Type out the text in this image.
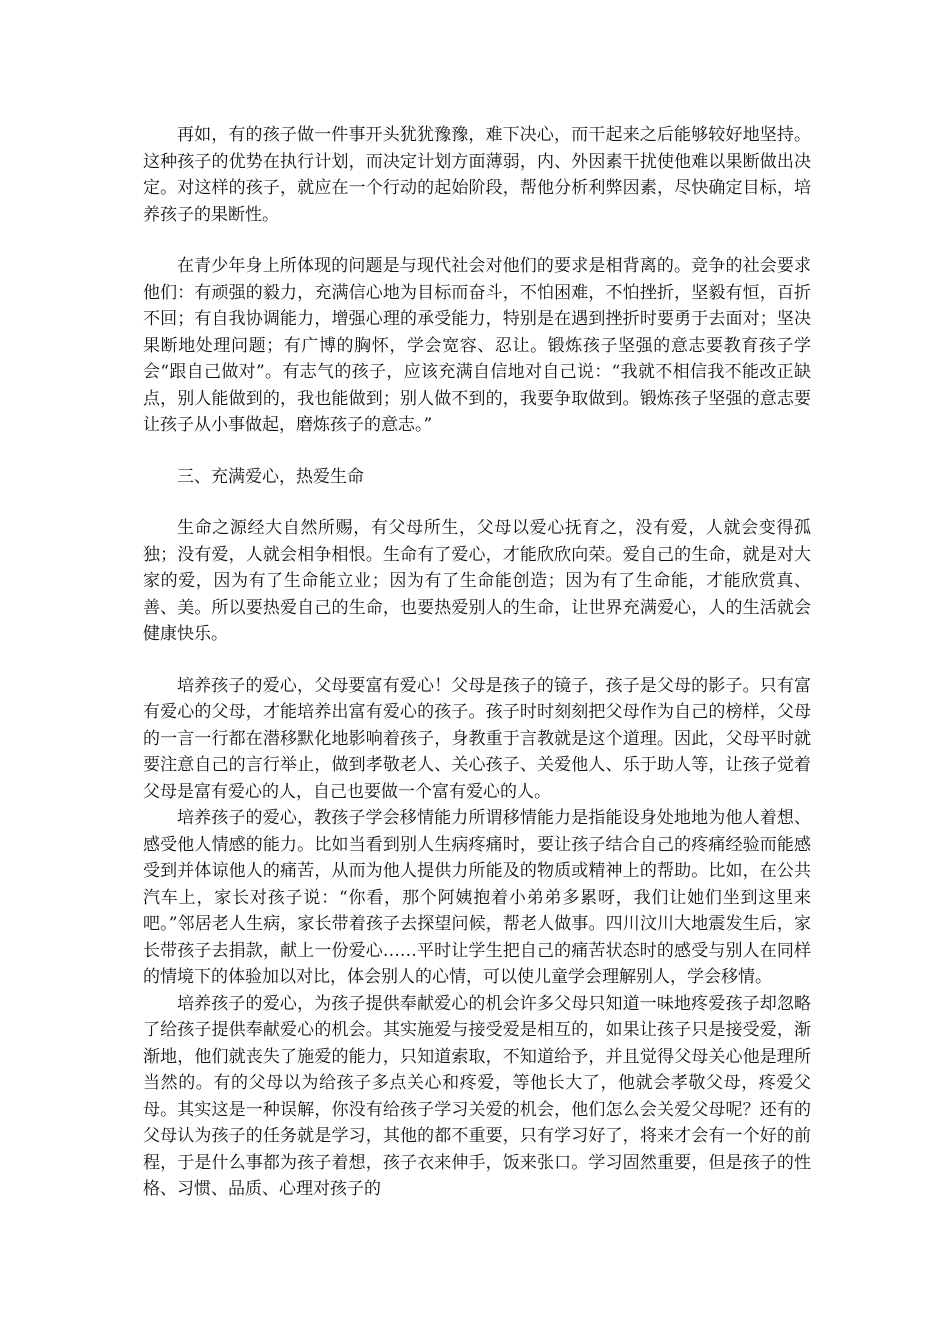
再如，有的孩子做一件事开头犹犹豫豫，难下决心，而干起来之后能够较好地坚持。这种孩子的优势在执行计划，而决定计划方面薄弱，内、外因素干扰使他难以果断做出决定。对这样的孩子，就应在一个行动的起始阶段，帮他分析利弊因素，尽快确定目标，培养孩子的果断性。

在青少年身上所体现的问题是与现代社会对他们的要求是相背离的。竞争的社会要求他们：有顽强的毅力，充满信心地为目标而奋斗，不怕困难，不怕挫折，坚毅有恒，百折不回；有自我协调能力，增强心理的承受能力，特别是在遇到挫折时要勇于去面对；坚决果断地处理问题；有广博的胸怀，学会宽容、忍让。锻炼孩子坚强的意志要教育孩子学会“跟自己做对”。有志气的孩子，应该充满自信地对自己说：“我就不相信我不能改正缺点，别人能做到的，我也能做到；别人做不到的，我要争取做到。锻炼孩子坚强的意志要让孩子从小事做起，磨炼孩子的意志。”

三、充满爱心，热爱生命

生命之源经大自然所赐，有父母所生，父母以爱心抚育之，没有爱，人就会变得孤独；没有爱，人就会相争相恨。生命有了爱心，才能欣欣向荣。爱自己的生命，就是对大家的爱，因为有了生命能立业；因为有了生命能创造；因为有了生命能，才能欣赏真、善、美。所以要热爱自己的生命，也要热爱别人的生命，让世界充满爱心，人的生活就会健康快乐。

培养孩子的爱心，父母要富有爱心！父母是孩子的镜子，孩子是父母的影子。只有富有爱心的父母，才能培养出富有爱心的孩子。孩子时时刻刻把父母作为自己的榜样，父母的一言一行都在潜移默化地影响着孩子，身教重于言教就是这个道理。因此，父母平时就要注意自己的言行举止，做到孝敬老人、关心孩子、关爱他人、乐于助人等，让孩子觉着父母是富有爱心的人，自己也要做一个富有爱心的人。

培养孩子的爱心，教孩子学会移情能力所谓移情能力是指能设身处地地为他人着想、感受他人情感的能力。比如当看到别人生病疼痛时，要让孩子结合自己的疼痛经验而能感受到并体谅他人的痛苦，从而为他人提供力所能及的物质或精神上的帮助。比如，在公共汽车上，家长对孩子说：“你看，那个阿姨抱着小弟弟多累呀，我们让她们坐到这里来吧。”邻居老人生病，家长带着孩子去探望问候，帮老人做事。四川汶川大地震发生后，家长带孩子去捐款，献上一份爱心……平时让学生把自己的痛苦状态时的感受与别人在同样的情境下的体验加以对比，体会别人的心情，可以使儿童学会理解别人，学会移情。

培养孩子的爱心，为孩子提供奉献爱心的机会许多父母只知道一味地疼爱孩子却忽略了给孩子提供奉献爱心的机会。其实施爱与接受爱是相互的，如果让孩子只是接受爱，渐渐地，他们就丧失了施爱的能力，只知道索取，不知道给予，并且觉得父母关心他是理所当然的。有的父母以为给孩子多点关心和疼爱，等他长大了，他就会孝敬父母，疼爱父母。其实这是一种误解，你没有给孩子学习关爱的机会，他们怎么会关爱父母呢？还有的父母认为孩子的任务就是学习，其他的都不重要，只有学习好了，将来才会有一个好的前程，于是什么事都为孩子着想，孩子衣来伸手，饭来张口。学习固然重要，但是孩子的性格、习惯、品质、心理对孩子的
